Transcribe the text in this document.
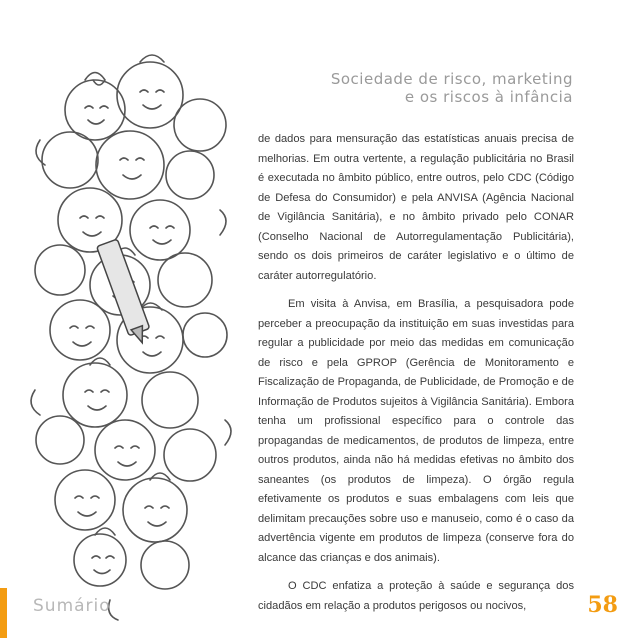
Sociedade de risco, marketing
e os riscos à infância

de dados para mensuração das estatísticas anuais precisa de melhorias. Em outra vertente, a regulação publicitária no Brasil é executada no âmbito público, entre outros, pelo CDC (Código de Defesa do Consumidor) e pela ANVISA (Agência Nacional de Vigilância Sanitária), e no âmbito privado pelo CONAR (Conselho Nacional de Autorregulamentação Publicitária), sendo os dois primeiros de caráter legislativo e o último de caráter autorregulatório.

Em visita à Anvisa, em Brasília, a pesquisadora pode perceber a preocupação da instituição em suas investidas para regular a publicidade por meio das medidas em comunicação de risco e pela GPROP (Gerência de Monitoramento e Fiscalização de Propaganda, de Publicidade, de Promoção e de Informação de Produtos sujeitos à Vigilância Sanitária). Embora tenha um profissional específico para o controle das propagandas de medicamentos, de produtos de limpeza, entre outros produtos, ainda não há medidas efetivas no âmbito dos saneantes (os produtos de limpeza). O órgão regula efetivamente os produtos e suas embalagens com leis que delimitam precauções sobre uso e manuseio, como é o caso da advertência vigente em produtos de limpeza (conserve fora do alcance das crianças e dos animais).

O CDC enfatiza a proteção à saúde e segurança dos cidadãos em relação a produtos perigosos ou nocivos,

Sumário	58
